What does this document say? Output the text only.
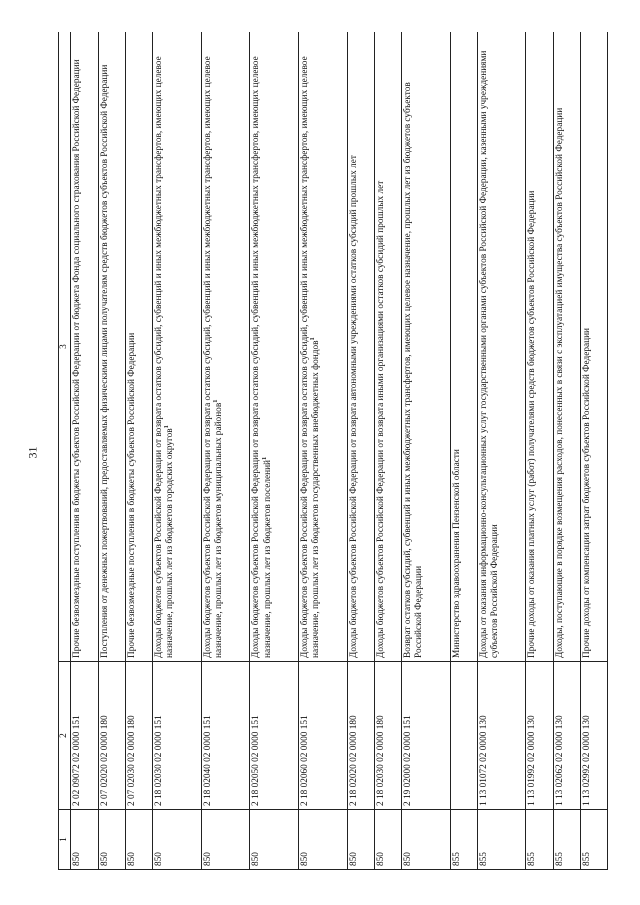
31
1	2	3
850	2 02 09072 02 0000 151	Прочие безвозмездные поступления в бюджеты субъектов Российской Федерации от бюджета Фонда социального страхования Российской Федерации
850	2 07 02020 02 0000 180	Поступления от денежных пожертвований, предоставляемых физическими лицами получателям средств бюджетов субъектов Российской Федерации
850	2 07 02030 02 0000 180	Прочие безвозмездные поступления в бюджеты субъектов Российской Федерации
850	2 18 02030 02 0000 151	Доходы бюджетов субъектов Российской Федерации от возврата остатков субсидий, субвенций и иных межбюджетных трансфертов, имеющих целевое назначение, прошлых лет из бюджетов городских округов$^1$
850	2 18 02040 02 0000 151	Доходы бюджетов субъектов Российской Федерации от возврата остатков субсидий, субвенций и иных межбюджетных трансфертов, имеющих целевое назначение, прошлых лет из бюджетов муниципальных районов$^1$
850	2 18 02050 02 0000 151	Доходы бюджетов субъектов Российской Федерации от возврата остатков субсидий, субвенций и иных межбюджетных трансфертов, имеющих целевое назначение, прошлых лет из бюджетов поселений$^1$
850	2 18 02060 02 0000 151	Доходы бюджетов субъектов Российской Федерации от возврата остатков субсидий, субвенций и иных межбюджетных трансфертов, имеющих целевое назначение, прошлых лет из бюджетов государственных внебюджетных фондов$^1$
850	2 18 02020 02 0000 180	Доходы бюджетов субъектов Российской Федерации от возврата автономными учреждениями остатков субсидий прошлых лет
850	2 18 02030 02 0000 180	Доходы бюджетов субъектов Российской Федерации от возврата иными организациями остатков субсидий прошлых лет
850	2 19 02000 02 0000 151	Возврат остатков субсидий, субвенций и иных межбюджетных трансфертов, имеющих целевое назначение, прошлых лет из бюджетов субъектов Российской Федерации
855		Министерство здравоохранения Пензенской области
855	1 13 01072 02 0000 130	Доходы от оказания информационно-консультационных услуг государственными органами субъектов Российской Федерации, казенными учреждениями субъектов Российской Федерации
855	1 13 01992 02 0000 130	Прочие доходы от оказания платных услуг (работ) получателями средств бюджетов субъектов Российской Федерации
855	1 13 02062 02 0000 130	Доходы, поступающие в порядке возмещения расходов, понесенных в связи с эксплуатацией имущества субъектов Российской Федерации
855	1 13 02992 02 0000 130	Прочие доходы от компенсации затрат бюджетов субъектов Российской Федерации
